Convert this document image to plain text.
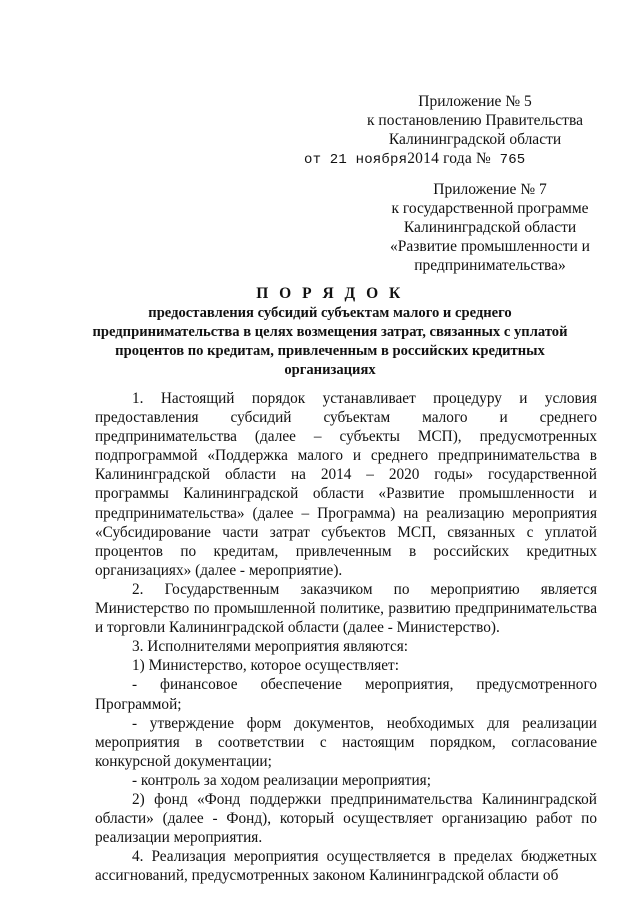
Приложение № 5
к постановлению Правительства
Калининградской области
от 21 ноября2014 года № 765
Приложение № 7
к государственной программе
Калининградской области
«Развитие промышленности и
предпринимательства»
П О Р Я Д О К
предоставления субсидий субъектам малого и среднего предпринимательства в целях возмещения затрат, связанных с уплатой процентов по кредитам, привлеченным в российских кредитных организациях

1. Настоящий порядок устанавливает процедуру и условия предоставления субсидий субъектам малого и среднего предпринимательства (далее – субъекты МСП), предусмотренных подпрограммой «Поддержка малого и среднего предпринимательства в Калининградской области на 2014 – 2020 годы» государственной программы Калининградской области «Развитие промышленности и предпринимательства» (далее – Программа) на реализацию мероприятия «Субсидирование части затрат субъектов МСП, связанных с уплатой процентов по кредитам, привлеченным в российских кредитных организациях» (далее - мероприятие).

2. Государственным заказчиком по мероприятию является Министерство по промышленной политике, развитию предпринимательства и торговли Калининградской области (далее - Министерство).

3. Исполнителями мероприятия являются:

1) Министерство, которое осуществляет:

- финансовое обеспечение мероприятия, предусмотренного Программой;

- утверждение форм документов, необходимых для реализации мероприятия в соответствии с настоящим порядком, согласование конкурсной документации;

- контроль за ходом реализации мероприятия;

2) фонд «Фонд поддержки предпринимательства Калининградской области» (далее - Фонд), который осуществляет организацию работ по реализации мероприятия.

4. Реализация мероприятия осуществляется в пределах бюджетных ассигнований, предусмотренных законом Калининградской области об
